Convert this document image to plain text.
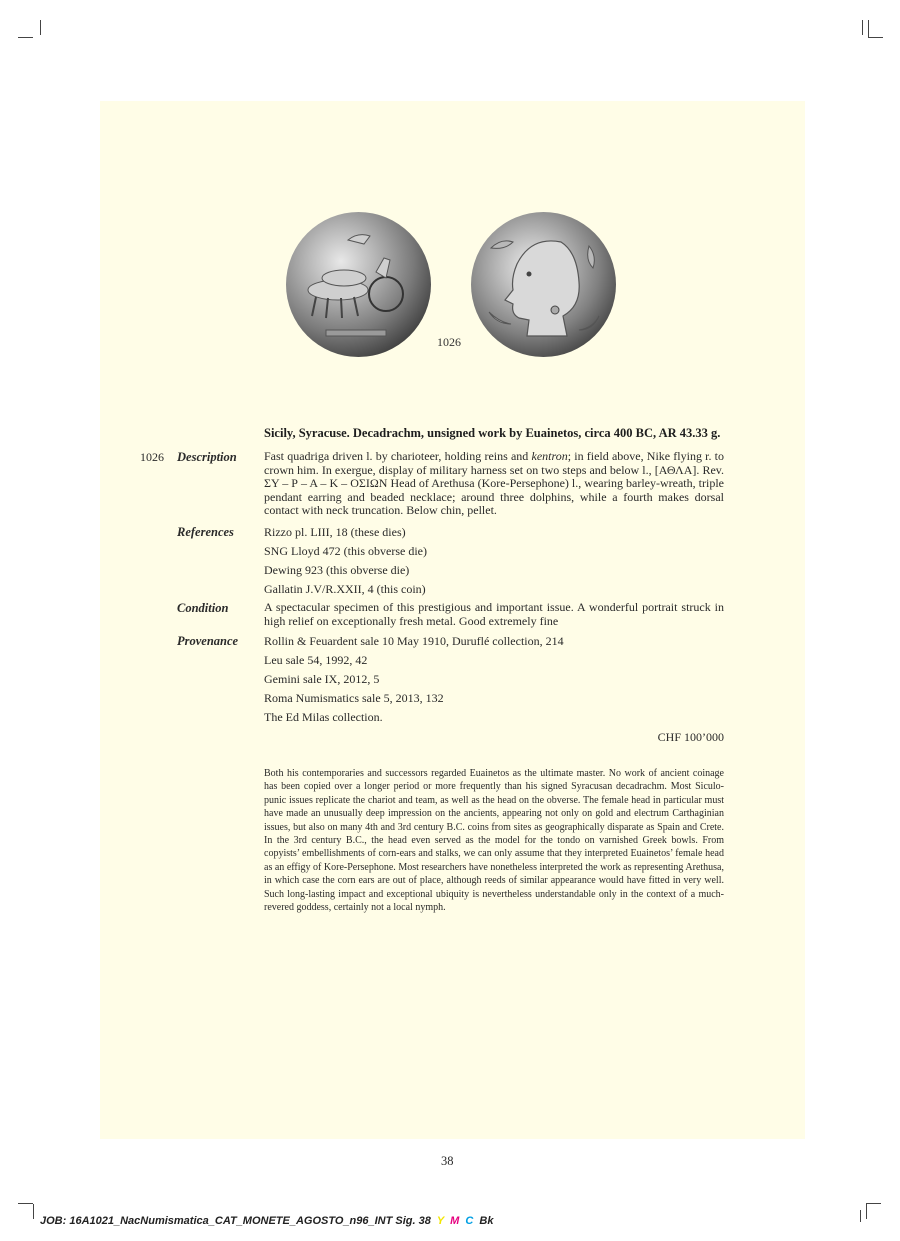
1026
Sicily, Syracuse. Decadrachm, unsigned work by Euainetos, circa 400 BC, AR 43.33 g.
1026 Description Fast quadriga driven l. by charioteer, holding reins and kentron; in field above, Nike flying r. to crown him. In exergue, display of military harness set on two steps and below l., [ΑΘΛΑ]. Rev. ΣΥ – Ρ – Α – Κ – ΟΣΙΩΝ Head of Arethusa (Kore-Persephone) l., wearing barley-wreath, triple pendant earring and beaded necklace; around three dolphins, while a fourth makes dorsal contact with neck truncation. Below chin, pellet.
References	Rizzo pl. LIII, 18 (these dies)
SNG Lloyd 472 (this obverse die)
Dewing 923 (this obverse die)
Gallatin J.V/R.XXII, 4 (this coin)
Condition	A spectacular specimen of this prestigious and important issue. A wonderful portrait struck in high relief on exceptionally fresh metal. Good extremely fine
Provenance Rollin & Feuardent sale 10 May 1910, Duruflé collection, 214
Leu sale 54, 1992, 42
Gemini sale IX, 2012, 5
Roma Numismatics sale 5, 2013, 132
The Ed Milas collection.
CHF 100’000
Both his contemporaries and successors regarded Euainetos as the ultimate master. No work of ancient coinage has been copied over a longer period or more frequently than his signed Syracusan decadrachm. Most Siculo-punic issues replicate the chariot and team, as well as the head on the obverse. The female head in particular must have made an unusually deep impression on the ancients, appearing not only on gold and electrum Carthaginian issues, but also on many 4th and 3rd century B.C. coins from sites as geographically disparate as Spain and Crete. In the 3rd century B.C., the head even served as the model for the tondo on varnished Greek bowls. From copyists’ embellishments of corn-ears and stalks, we can only assume that they interpreted Euainetos’ female head as an effigy of Kore-Persephone. Most researchers have nonetheless interpreted the work as representing Arethusa, in which case the corn ears are out of place, although reeds of similar appearance would have fitted in very well. Such long-lasting impact and exceptional ubiquity is nevertheless understandable only in the context of a much-revered goddess, certainly not a local nymph.
38
JOB: 16A1021_NacNumismatica_CAT_MONETE_AGOSTO_n96_INT Sig. 38 Y M C Bk
